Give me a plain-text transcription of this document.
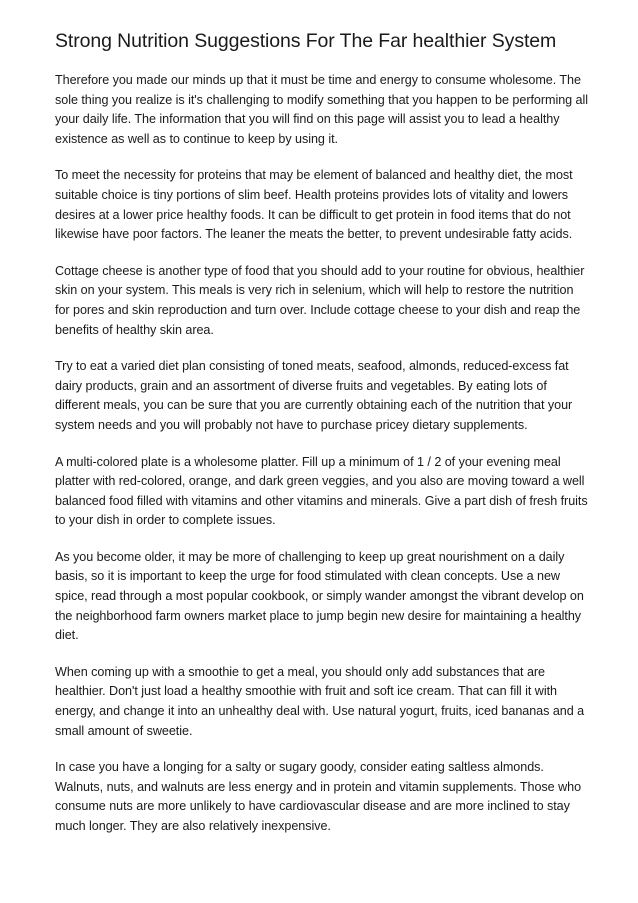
Strong Nutrition Suggestions For The Far healthier System

Therefore you made our minds up that it must be time and energy to consume wholesome. The sole thing you realize is it's challenging to modify something that you happen to be performing all your daily life. The information that you will find on this page will assist you to lead a healthy existence as well as to continue to keep by using it.

To meet the necessity for proteins that may be element of balanced and healthy diet, the most suitable choice is tiny portions of slim beef. Health proteins provides lots of vitality and lowers desires at a lower price healthy foods. It can be difficult to get protein in food items that do not likewise have poor factors. The leaner the meats the better, to prevent undesirable fatty acids.

Cottage cheese is another type of food that you should add to your routine for obvious, healthier skin on your system. This meals is very rich in selenium, which will help to restore the nutrition for pores and skin reproduction and turn over. Include cottage cheese to your dish and reap the benefits of healthy skin area.

Try to eat a varied diet plan consisting of toned meats, seafood, almonds, reduced-excess fat dairy products, grain and an assortment of diverse fruits and vegetables. By eating lots of different meals, you can be sure that you are currently obtaining each of the nutrition that your system needs and you will probably not have to purchase pricey dietary supplements.

A multi-colored plate is a wholesome platter. Fill up a minimum of 1 / 2 of your evening meal platter with red-colored, orange, and dark green veggies, and you also are moving toward a well balanced food filled with vitamins and other vitamins and minerals. Give a part dish of fresh fruits to your dish in order to complete issues.

As you become older, it may be more of challenging to keep up great nourishment on a daily basis, so it is important to keep the urge for food stimulated with clean concepts. Use a new spice, read through a most popular cookbook, or simply wander amongst the vibrant develop on the neighborhood farm owners market place to jump begin new desire for maintaining a healthy diet.

When coming up with a smoothie to get a meal, you should only add substances that are healthier. Don't just load a healthy smoothie with fruit and soft ice cream. That can fill it with energy, and change it into an unhealthy deal with. Use natural yogurt, fruits, iced bananas and a small amount of sweetie.

In case you have a longing for a salty or sugary goody, consider eating saltless almonds. Walnuts, nuts, and walnuts are less energy and in protein and vitamin supplements. Those who consume nuts are more unlikely to have cardiovascular disease and are more inclined to stay much longer. They are also relatively inexpensive.
